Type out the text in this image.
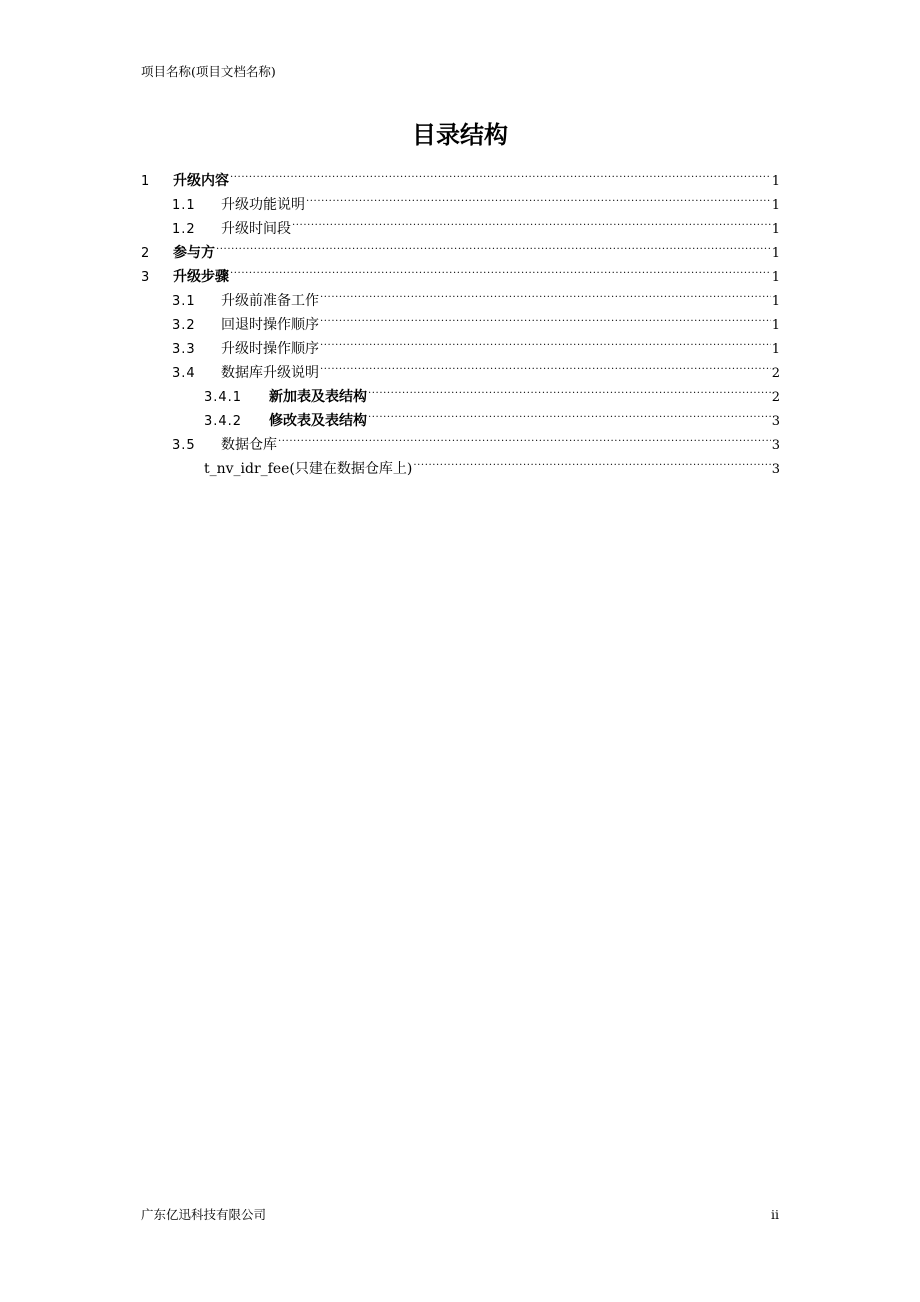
项目名称(项目文档名称)
目录结构
1	升级内容 .....	1
1.1	升级功能说明 .....	1
1.2	升级时间段 .....	1
2	参与方 .....	1
3	升级步骤 .....	1
3.1	升级前准备工作 .....	1
3.2	回退时操作顺序 .....	1
3.3	升级时操作顺序 .....	1
3.4	数据库升级说明 .....	2
3.4.1	新加表及表结构 .....	2
3.4.2	修改表及表结构 .....	3
3.5	数据仓库 .....	3
t_nv_idr_fee(只建在数据仓库上) .....	3
广东亿迅科技有限公司	ii
